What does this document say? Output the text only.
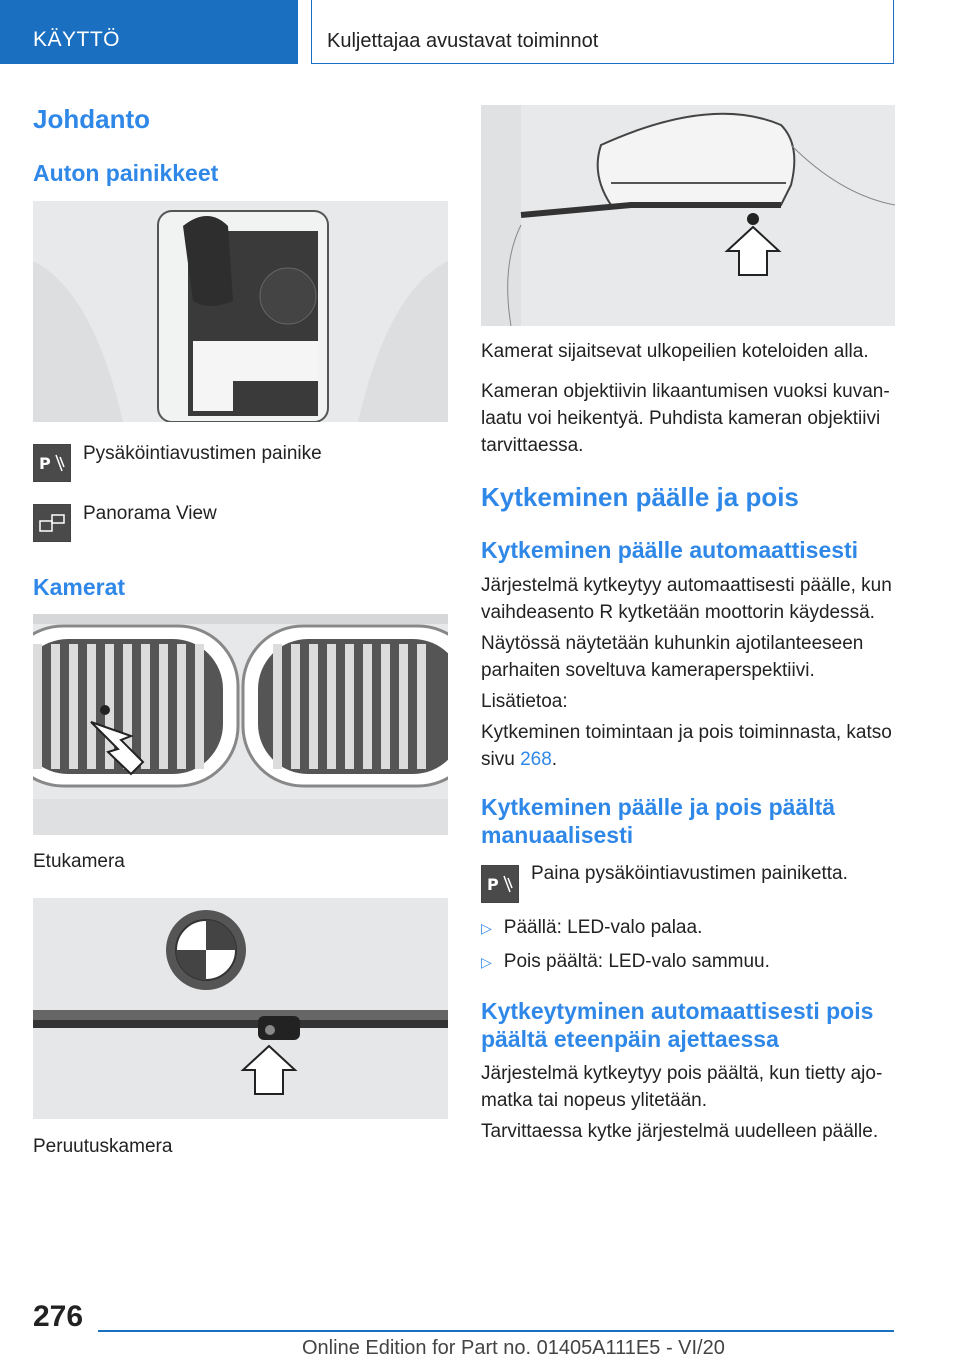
KÄYTTÖ	Kuljettajaa avustavat toiminnot
Johdanto
Auton painikkeet
P Pysäköintiavustimen painike
Panorama View
Kamerat
Etukamera
Peruutuskamera
Kamerat sijaitsevat ulkopeilien koteloiden alla.
Kameran objektiivin likaantumisen vuoksi kuvan-
laatu voi heikentyä. Puhdista kameran objektiivi
tarvittaessa.
Kytkeminen päälle ja pois
Kytkeminen päälle automaattisesti
Järjestelmä kytkeytyy automaattisesti päälle, kun
vaihdeasento R kytketään moottorin käydessä.
Näytössä näytetään kuhunkin ajotilanteeseen
parhaiten soveltuva kameraperspektiivi.
Lisätietoa:
Kytkeminen toimintaan ja pois toiminnasta, katso
sivu 268.
Kytkeminen päälle ja pois päältä
manuaalisesti
P
Paina pysäköintiavustimen painiketta.
▷ Päällä: LED-valo palaa.
▷ Pois päältä: LED-valo sammuu.
Kytkeytyminen automaattisesti pois
päältä eteenpäin ajettaessa
Järjestelmä kytkeytyy pois päältä, kun tietty ajo-
matka tai nopeus ylitetään.
Tarvittaessa kytke järjestelmä uudelleen päälle.
276
Online Edition for Part no. 01405A111E5 - VI/20
